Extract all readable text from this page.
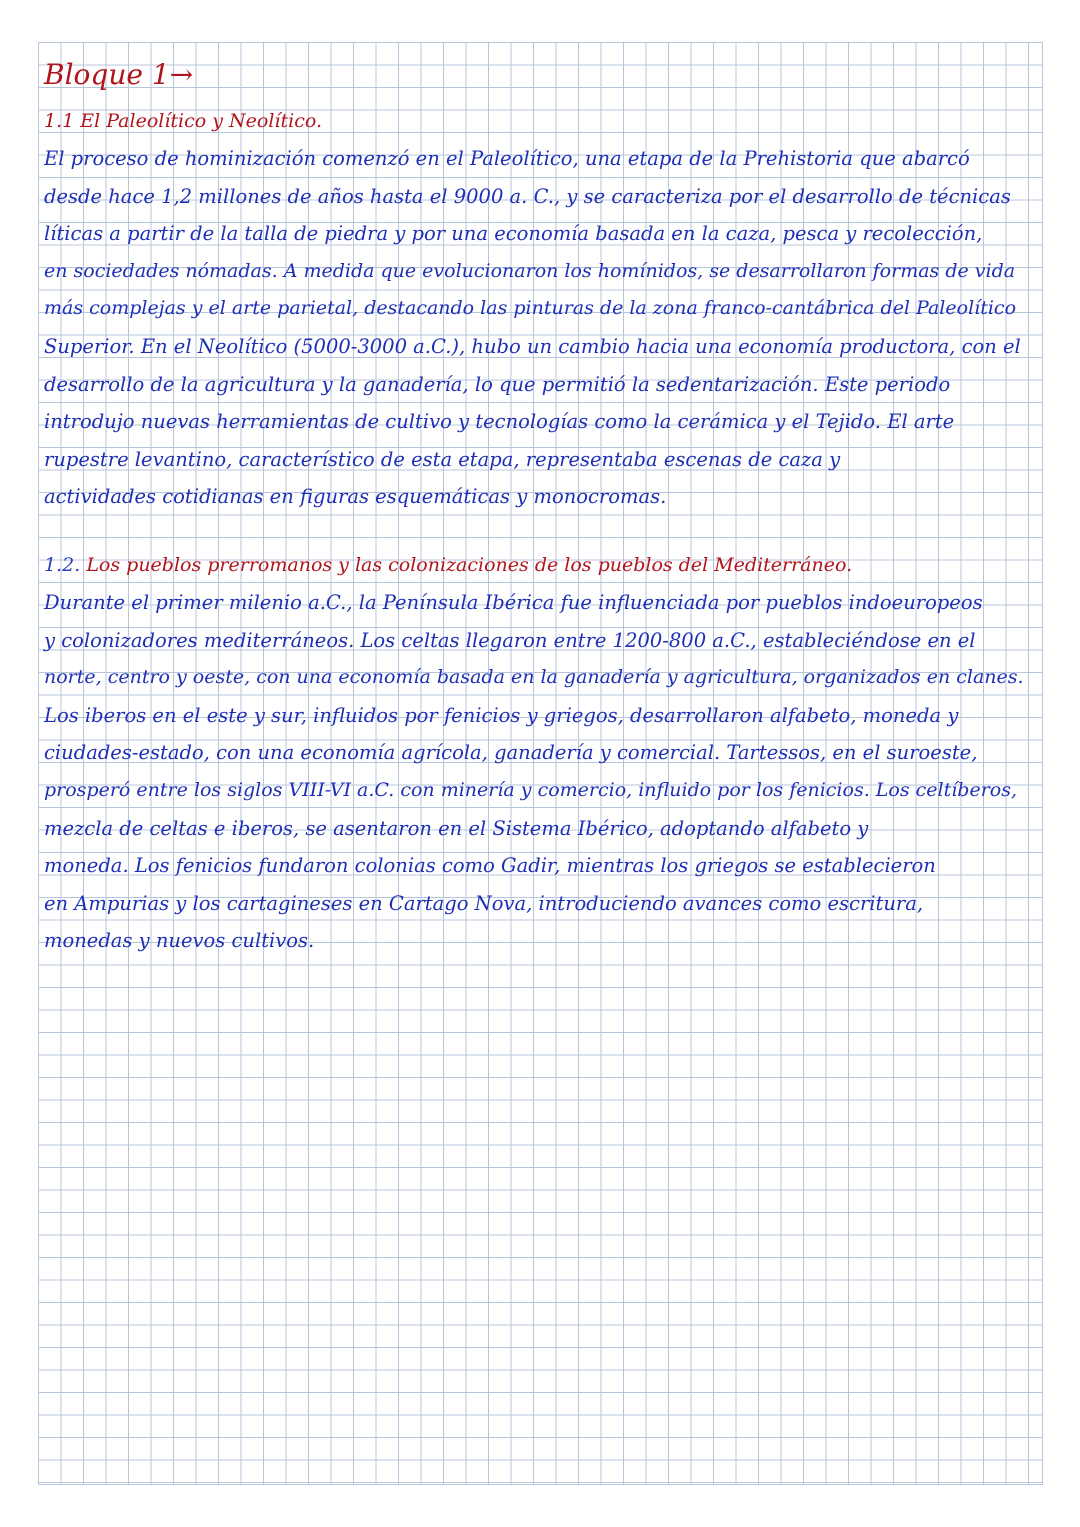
Bloque 1→
1.1 El Paleolítico y Neolítico.
El proceso de hominización comenzó en el Paleolítico, una etapa de la Prehistoria que abarcó
desde hace 1,2 millones de años hasta el 9000 a. C., y se caracteriza por el desarrollo de técnicas
líticas a partir de la talla de piedra y por una economía basada en la caza, pesca y recolección,
en sociedades nómadas. A medida que evolucionaron los homínidos, se desarrollaron formas de vida
más complejas y el arte parietal, destacando las pinturas de la zona franco-cantábrica del Paleolítico
Superior. En el Neolítico (5000-3000 a.C.), hubo un cambio hacia una economía productora, con el
desarrollo de la agricultura y la ganadería, lo que permitió la sedentarización. Este periodo
introdujo nuevas herramientas de cultivo y tecnologías como la cerámica y el Tejido. El arte
rupestre levantino, característico de esta etapa, representaba escenas de caza y
actividades cotidianas en figuras esquemáticas y monocromas.
1.2. Los pueblos prerromanos y las colonizaciones de los pueblos del Mediterráneo.
Durante el primer milenio a.C., la Península Ibérica fue influenciada por pueblos indoeuropeos
y colonizadores mediterráneos. Los celtas llegaron entre 1200-800 a.C., estableciéndose en el
norte, centro y oeste, con una economía basada en la ganadería y agricultura, organizados en clanes.
Los iberos en el este y sur, influidos por fenicios y griegos, desarrollaron alfabeto, moneda y
ciudades-estado, con una economía agrícola, ganadería y comercial. Tartessos, en el suroeste,
prosperó entre los siglos VIII-VI a.C. con minería y comercio, influido por los fenicios. Los celtíberos,
mezcla de celtas e iberos, se asentaron en el Sistema Ibérico, adoptando alfabeto y
moneda. Los fenicios fundaron colonias como Gadir, mientras los griegos se establecieron
en Ampurias y los cartagineses en Cartago Nova, introduciendo avances como escritura,
monedas y nuevos cultivos.
